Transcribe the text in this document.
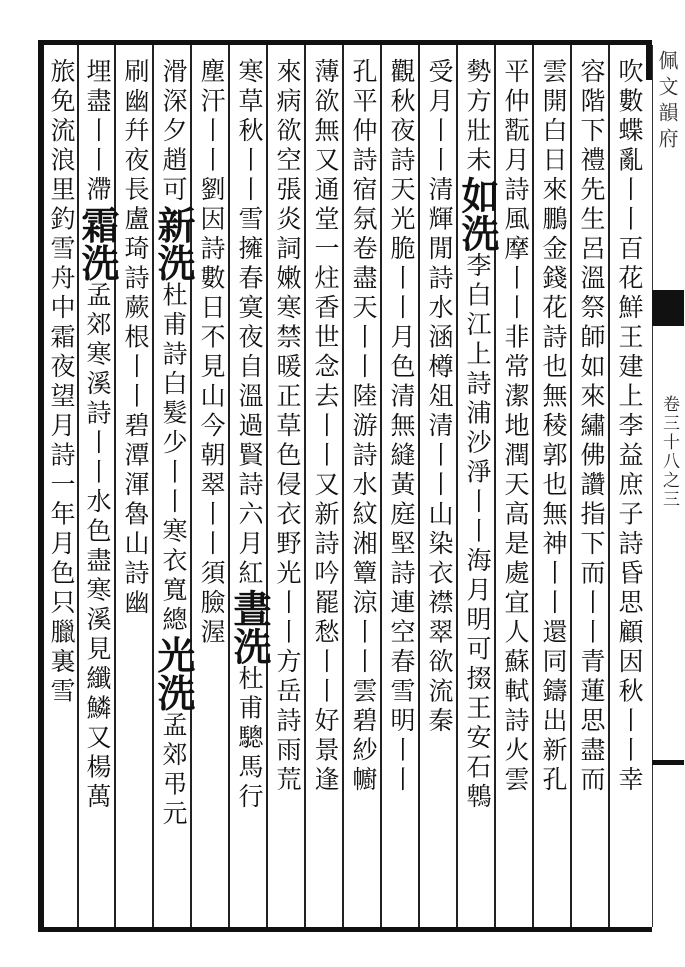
吹數蝶亂丨丨百花鮮王建上李益庶子詩昏思顧因秋丨丨幸
容階下禮先生呂溫祭師如來繡佛讚指下而丨丨青蓮思盡而
雲開白日來鵬金錢花詩也無稜郭也無神丨丨還同鑄出新孔
平仲翫月詩風摩丨丨非常潔地潤天高是處宜人蘇軾詩火雲
勢方壯未如洗李白江上詩浦沙淨丨丨海月明可掇王安石鵯
受月丨丨清輝閒詩水涵樽俎清丨丨山染衣襟翠欲流秦
觀秋夜詩天光脆丨丨月色清無縫黃庭堅詩連空春雪明丨丨
孔平仲詩宿氛卷盡天丨丨陸游詩水紋湘簟涼丨丨雲碧紗幮
薄欲無又通堂一炷香世念去丨丨又新詩吟罷愁丨丨好景逢
來病欲空張炎詞嫩寒禁暖正草色侵衣野光丨丨方岳詩雨荒
寒草秋丨丨雪擁春寞夜自溫過賢詩六月紅晝洗杜甫驄馬行
塵汗丨丨劉因詩數日不見山今朝翠丨丨須臉渥
滑深夕趙可新洗杜甫詩白髮少丨丨寒衣寬總光洗孟郊弔元
刷幽幷夜長盧琦詩蕨根丨丨碧潭渾魯山詩幽
埋盡丨丨滯霜洗孟郊寒溪詩丨丨水色盡寒溪見纖鱗又楊萬
旅免流浪里釣雪舟中霜夜望月詩一年月色只臘裏雪	佩文韻府
卷三十八之三
